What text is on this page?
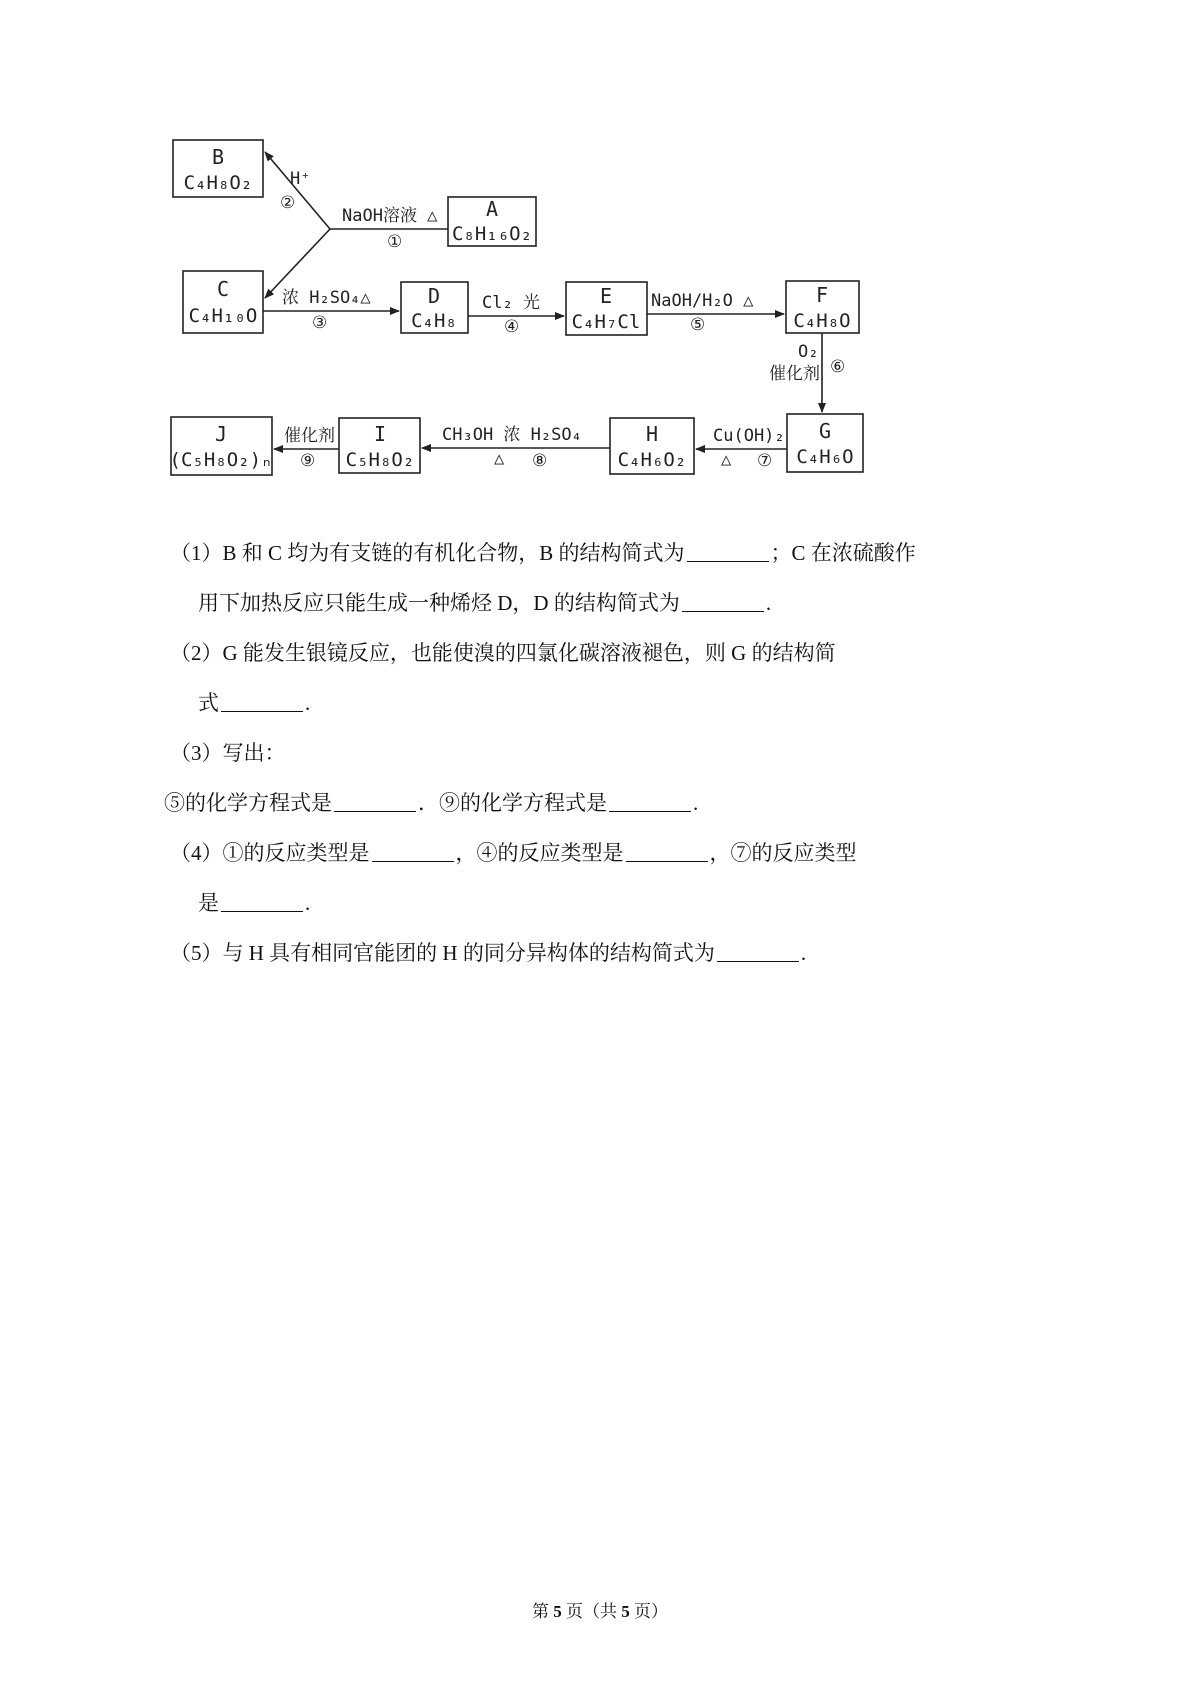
B
C₄H₈O₂
A
C₈H₁₆O₂
C
C₄H₁₀O
D
C₄H₈
E
C₄H₇Cl
F
C₄H₈O
G
C₄H₆O
H
C₄H₆O₂
I
C₅H₈O₂
J
(C₅H₈O₂)ₙ
NaOH溶液 △
①
H⁺
②
浓 H₂SO₄△
③
Cl₂ 光
④
NaOH/H₂O △
⑤
O₂
催化剂 ⑥
Cu(OH)₂
△ ⑦
CH₃OH 浓 H₂SO₄
△ ⑧
催化剂
⑨

（1）B 和 C 均为有支链的有机化合物，B 的结构简式为	；C 在浓硫酸作
用下加热反应只能生成一种烯烃 D，D 的结构简式为	.

（2）G 能发生银镜反应，也能使溴的四氯化碳溶液褪色，则 G 的结构简
式	.

（3）写出：

⑤的化学方程式是	．⑨的化学方程式是	.

（4）①的反应类型是	，④的反应类型是	，⑦的反应类型
是	.

（5）与 H 具有相同官能团的 H 的同分异构体的结构简式为	.

第 5 页（共 5 页）
